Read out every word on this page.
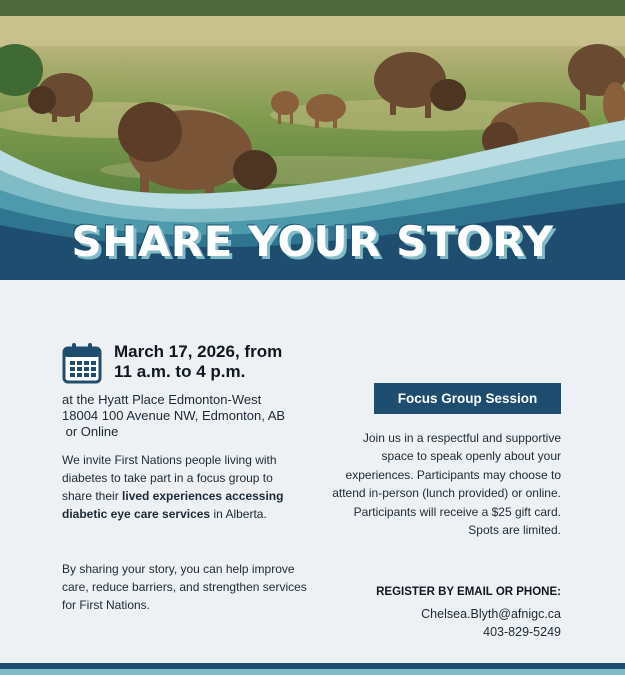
SHARE YOUR STORY
March 17, 2026, from
11 a.m. to 4 p.m.
at the Hyatt Place Edmonton-West
18004 100 Avenue NW, Edmonton, AB
or Online

We invite First Nations people living with diabetes to take part in a focus group to share their lived experiences accessing diabetic eye care services in Alberta.

By sharing your story, you can help improve care, reduce barriers, and strengthen services for First Nations.

Focus Group Session

Join us in a respectful and supportive space to speak openly about your experiences. Participants may choose to attend in-person (lunch provided) or online. Participants will receive a $25 gift card. Spots are limited.

REGISTER BY EMAIL OR PHONE:
Chelsea.Blyth@afnigc.ca
403-829-5249
